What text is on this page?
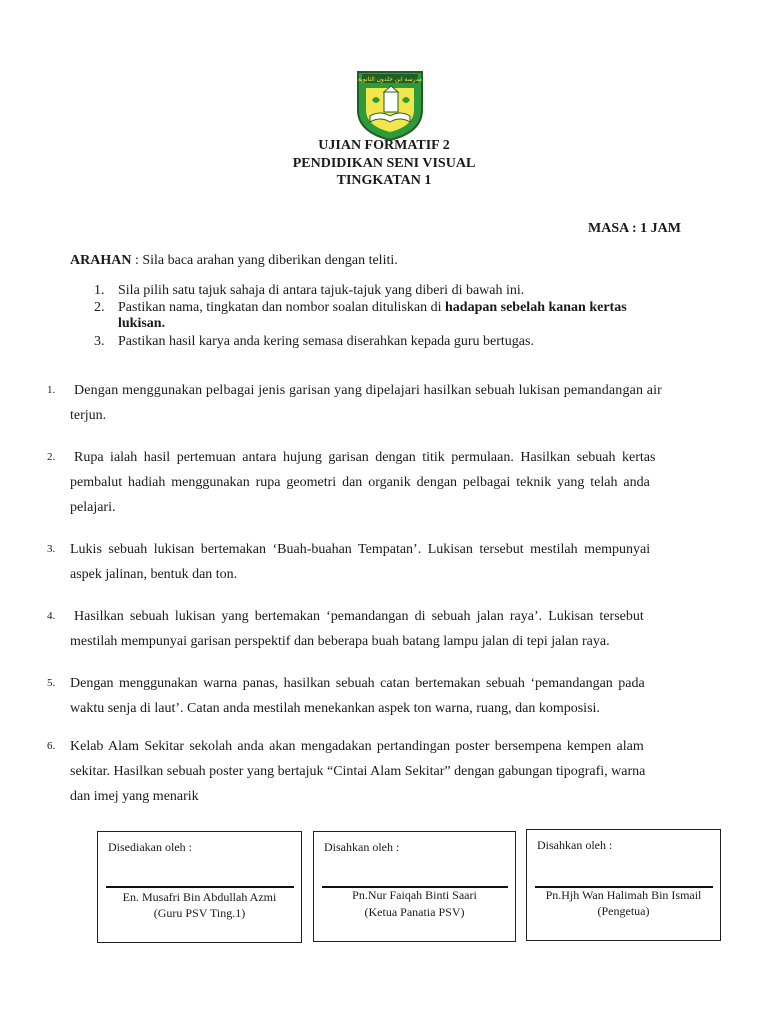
مدرسة ابن خلدون الثانوية
UJIAN FORMATIF 2
PENDIDIKAN SENI VISUAL
TINGKATAN 1
MASA : 1 JAM
ARAHAN : Sila baca arahan yang diberikan dengan teliti.
1. Sila pilih satu tajuk sahaja di antara tajuk-tajuk yang diberi di bawah ini.
2. Pastikan nama, tingkatan dan nombor soalan dituliskan di hadapan sebelah kanan kertas
lukisan.
3. Pastikan hasil karya anda kering semasa diserahkan kepada guru bertugas.
1. Dengan menggunakan pelbagai jenis garisan yang dipelajari hasilkan sebuah lukisan pemandangan air
terjun.
2. Rupa ialah hasil pertemuan antara hujung garisan dengan titik permulaan. Hasilkan sebuah kertas
pembalut hadiah menggunakan rupa geometri dan organik dengan pelbagai teknik yang telah anda
pelajari.
3. Lukis sebuah lukisan bertemakan ‘Buah-buahan Tempatan’. Lukisan tersebut mestilah mempunyai
aspek jalinan, bentuk dan ton.
4. Hasilkan sebuah lukisan yang bertemakan ‘pemandangan di sebuah jalan raya’. Lukisan tersebut
mestilah mempunyai garisan perspektif dan beberapa buah batang lampu jalan di tepi jalan raya.
5. Dengan menggunakan warna panas, hasilkan sebuah catan bertemakan sebuah ‘pemandangan pada
waktu senja di laut’. Catan anda mestilah menekankan aspek ton warna, ruang, dan komposisi.
6. Kelab Alam Sekitar sekolah anda akan mengadakan pertandingan poster bersempena kempen alam
sekitar. Hasilkan sebuah poster yang bertajuk “Cintai Alam Sekitar” dengan gabungan tipografi, warna
dan imej yang menarik
Disediakan oleh :
En. Musafri Bin Abdullah Azmi
(Guru PSV Ting.1)
Disahkan oleh :
Pn.Nur Faiqah Binti Saari
(Ketua Panatia PSV)
Disahkan oleh :
Pn.Hjh Wan Halimah Bin Ismail
(Pengetua)
